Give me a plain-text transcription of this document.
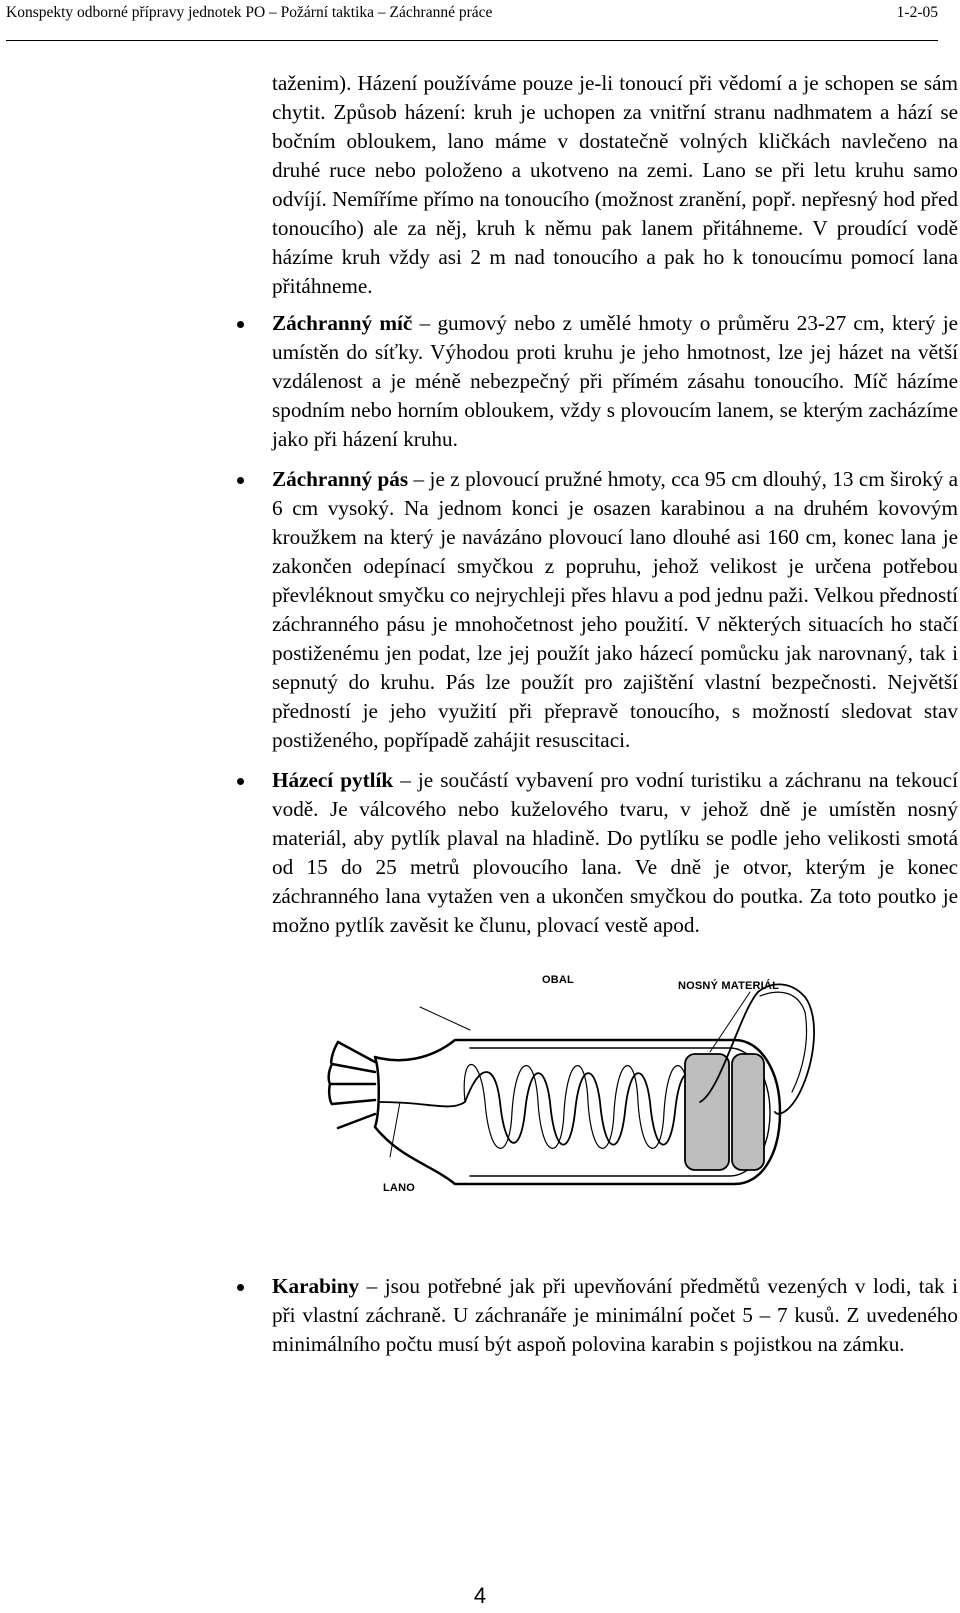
Konspekty odborné přípravy jednotek PO – Požární taktika – Záchranné práce	1-2-05

taženim). Házení používáme pouze je-li tonoucí při vědomí a je schopen se sám chytit. Způsob házení: kruh je uchopen za vnitřní stranu nadhmatem a hází se bočním obloukem, lano máme v dostatečně volných kličkách navlečeno na druhé ruce nebo položeno a ukotveno na zemi. Lano se při letu kruhu samo odvíjí. Nemíříme přímo na tonoucího (možnost zranění, popř. nepřesný hod před tonoucího) ale za něj, kruh k němu pak lanem přitáhneme. V proudící vodě házíme kruh vždy asi 2 m nad tonoucího a pak ho k tonoucímu pomocí lana přitáhneme.

Záchranný míč – gumový nebo z umělé hmoty o průměru 23-27 cm, který je umístěn do síťky. Výhodou proti kruhu je jeho hmotnost, lze jej házet na větší vzdálenost a je méně nebezpečný při přímém zásahu tonoucího. Míč házíme spodním nebo horním obloukem, vždy s plovoucím lanem, se kterým zacházíme jako při házení kruhu.
Záchranný pás – je z plovoucí pružné hmoty, cca 95 cm dlouhý, 13 cm široký a 6 cm vysoký. Na jednom konci je osazen karabinou a na druhém kovovým kroužkem na který je navázáno plovoucí lano dlouhé asi 160 cm, konec lana je zakončen odepínací smyčkou z popruhu, jehož velikost je určena potřebou převléknout smyčku co nejrychleji přes hlavu a pod jednu paži. Velkou předností záchranného pásu je mnohočetnost jeho použití. V některých situacích ho stačí postiženému jen podat, lze jej použít jako házecí pomůcku jak narovnaný, tak i sepnutý do kruhu. Pás lze použít pro zajištění vlastní bezpečnosti. Největší předností je jeho využití při přepravě tonoucího, s možností sledovat stav postiženého, popřípadě zahájit resuscitaci.
Házecí pytlík – je součástí vybavení pro vodní turistiku a záchranu na tekoucí vodě. Je válcového nebo kuželového tvaru, v jehož dně je umístěn nosný materiál, aby pytlík plaval na hladině. Do pytlíku se podle jeho velikosti smotá od 15 do 25 metrů plovoucího lana. Ve dně je otvor, kterým je konec záchranného lana vytažen ven a ukončen smyčkou do poutka. Za toto poutko je možno pytlík zavěsit ke člunu, plovací vestě apod.
OBAL	NOSNÝ MATERIÁL
LANO
Karabiny – jsou potřebné jak při upevňování předmětů vezených v lodi, tak i při vlastní záchraně. U záchranáře je minimální počet 5 – 7 kusů. Z uvedeného minimálního počtu musí být aspoň polovina karabin s pojistkou na zámku.
4
